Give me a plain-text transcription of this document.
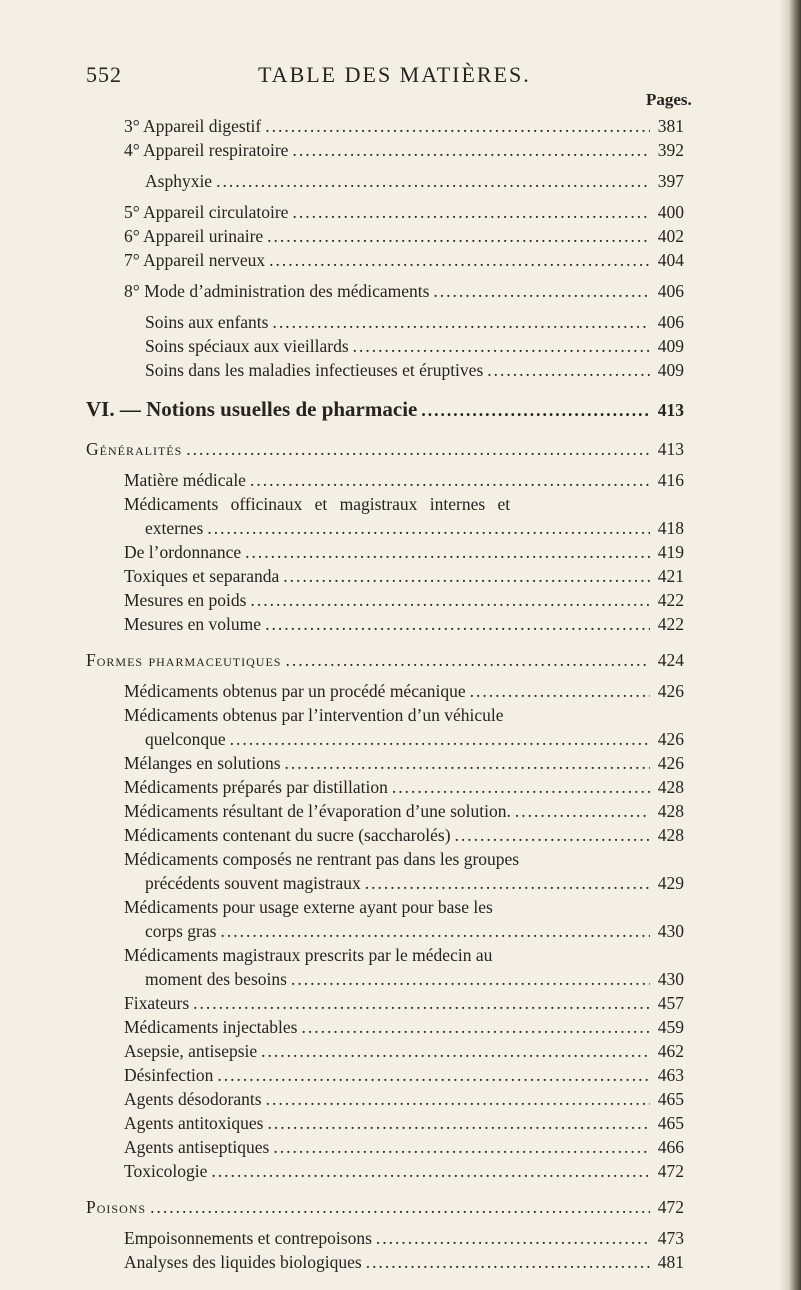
552	TABLE DES MATIÈRES.
Pages.
3° Appareil digestif .....	381
4° Appareil respiratoire .....	392
Asphyxie .....	397
5° Appareil circulatoire .....	400
6° Appareil urinaire .....	402
7° Appareil nerveux .....	404
8° Mode d’administration des médicaments .....	406
Soins aux enfants .....	406
Soins spéciaux aux vieillards .....	409
Soins dans les maladies infectieuses et éruptives .....	409
VI. — Notions usuelles de pharmacie .....	413
Généralités .....	413
Matière médicale .....	416
Médicaments officinaux et magistraux internes et
externes .....	418
De l’ordonnance .....	419
Toxiques et separanda .....	421
Mesures en poids .....	422
Mesures en volume .....	422
Formes pharmaceutiques .....	424
Médicaments obtenus par un procédé mécanique .....	426
Médicaments obtenus par l’intervention d’un véhicule
quelconque .....	426
Mélanges en solutions .....	426
Médicaments préparés par distillation .....	428
Médicaments résultant de l’évaporation d’une solution. .....	428
Médicaments contenant du sucre (saccharolés) .....	428
Médicaments composés ne rentrant pas dans les groupes
précédents souvent magistraux .....	429
Médicaments pour usage externe ayant pour base les
corps gras .....	430
Médicaments magistraux prescrits par le médecin au
moment des besoins .....	430
Fixateurs .....	457
Médicaments injectables .....	459
Asepsie, antisepsie .....	462
Désinfection .....	463
Agents désodorants .....	465
Agents antitoxiques .....	465
Agents antiseptiques .....	466
Toxicologie .....	472
Poisons .....	472
Empoisonnements et contrepoisons .....	473
Analyses des liquides biologiques .....	481
